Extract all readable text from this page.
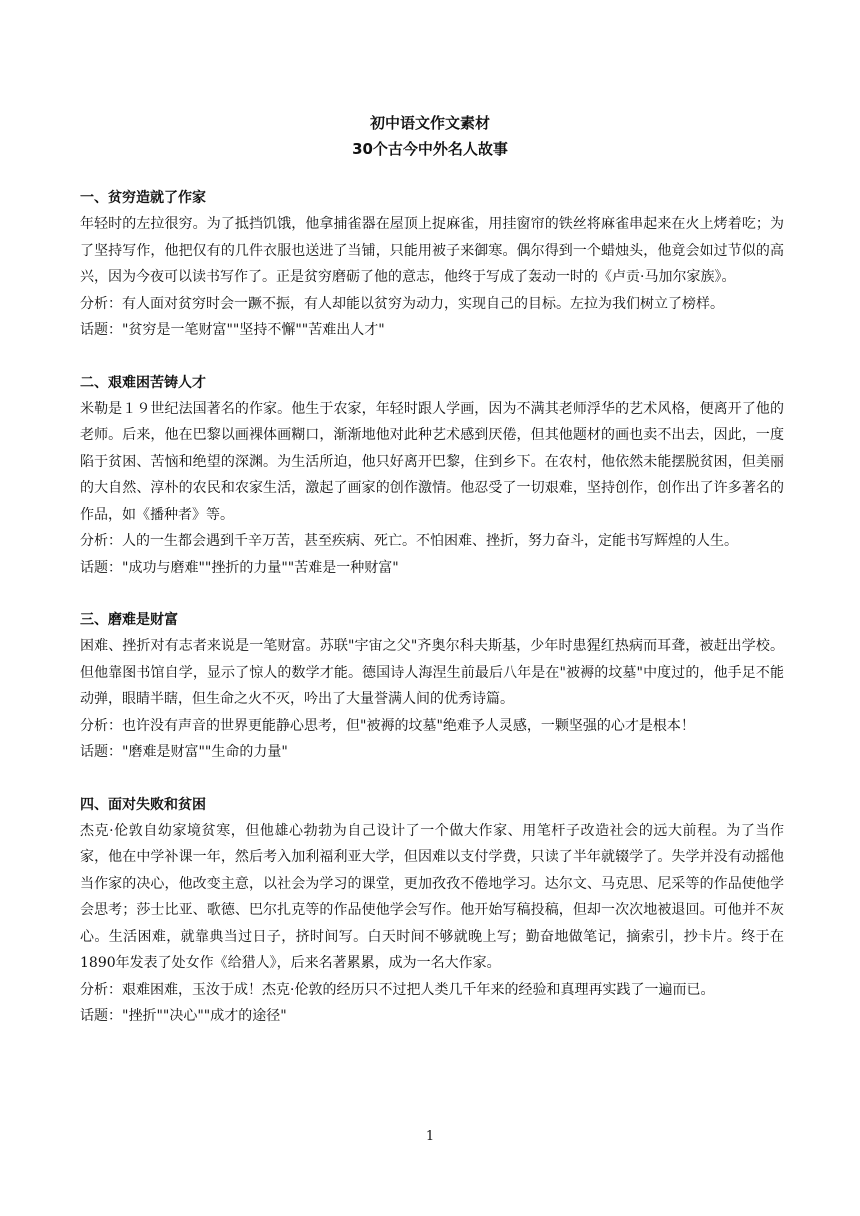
初中语文作文素材
30个古今中外名人故事
一、贫穷造就了作家

年轻时的左拉很穷。为了抵挡饥饿，他拿捕雀器在屋顶上捉麻雀，用挂窗帘的铁丝将麻雀串起来在火上烤着吃；为了坚持写作，他把仅有的几件衣服也送进了当铺，只能用被子来御寒。偶尔得到一个蜡烛头，他竟会如过节似的高兴，因为今夜可以读书写作了。正是贫穷磨砺了他的意志，他终于写成了轰动一时的《卢贡·马加尔家族》。

分析：有人面对贫穷时会一蹶不振，有人却能以贫穷为动力，实现自己的目标。左拉为我们树立了榜样。

话题："贫穷是一笔财富""坚持不懈""苦难出人才"

二、艰难困苦铸人才

米勒是１９世纪法国著名的作家。他生于农家，年轻时跟人学画，因为不满其老师浮华的艺术风格，便离开了他的老师。后来，他在巴黎以画裸体画糊口，渐渐地他对此种艺术感到厌倦，但其他题材的画也卖不出去，因此，一度陷于贫困、苦恼和绝望的深渊。为生活所迫，他只好离开巴黎，住到乡下。在农村，他依然未能摆脱贫困，但美丽的大自然、淳朴的农民和农家生活，激起了画家的创作激情。他忍受了一切艰难，坚持创作，创作出了许多著名的作品，如《播种者》等。

分析：人的一生都会遇到千辛万苦，甚至疾病、死亡。不怕困难、挫折，努力奋斗，定能书写辉煌的人生。

话题："成功与磨难""挫折的力量""苦难是一种财富"

三、磨难是财富

困难、挫折对有志者来说是一笔财富。苏联"宇宙之父"齐奥尔科夫斯基，少年时患猩红热病而耳聋，被赶出学校。但他靠图书馆自学，显示了惊人的数学才能。德国诗人海涅生前最后八年是在"被褥的坟墓"中度过的，他手足不能动弹，眼睛半瞎，但生命之火不灭，吟出了大量誉满人间的优秀诗篇。

分析：也许没有声音的世界更能静心思考，但"被褥的坟墓"绝难予人灵感，一颗坚强的心才是根本！

话题："磨难是财富""生命的力量"

四、面对失败和贫困

杰克·伦敦自幼家境贫寒，但他雄心勃勃为自己设计了一个做大作家、用笔杆子改造社会的远大前程。为了当作家，他在中学补课一年，然后考入加利福利亚大学，但因难以支付学费，只读了半年就辍学了。失学并没有动摇他当作家的决心，他改变主意，以社会为学习的课堂，更加孜孜不倦地学习。达尔文、马克思、尼采等的作品使他学会思考；莎士比亚、歌德、巴尔扎克等的作品使他学会写作。他开始写稿投稿，但却一次次地被退回。可他并不灰心。生活困难，就靠典当过日子，挤时间写。白天时间不够就晚上写；勤奋地做笔记，摘索引，抄卡片。终于在1890年发表了处女作《给猎人》，后来名著累累，成为一名大作家。

分析：艰难困难，玉汝于成！杰克·伦敦的经历只不过把人类几千年来的经验和真理再实践了一遍而已。

话题："挫折""决心""成才的途径"

1
